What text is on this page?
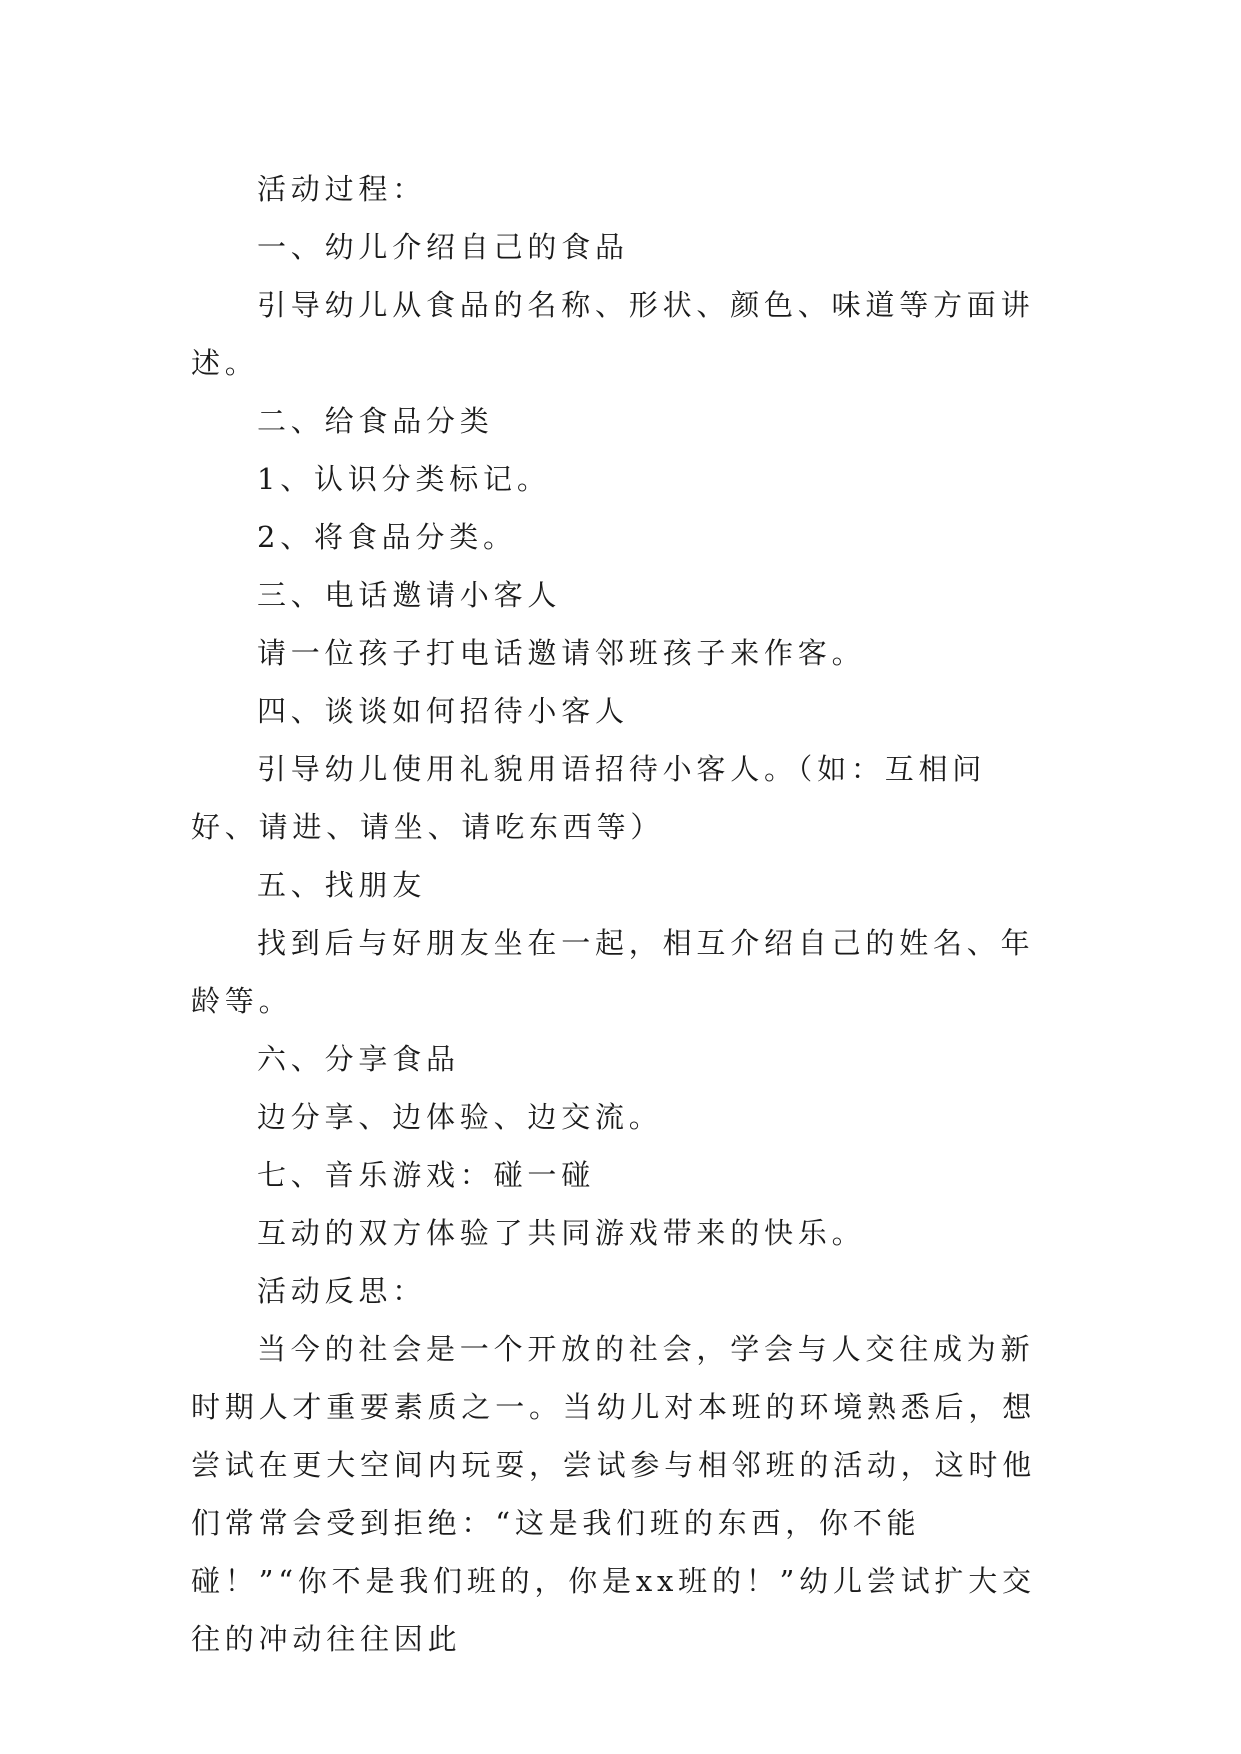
活动过程：

一、幼儿介绍自己的食品

引导幼儿从食品的名称、形状、颜色、味道等方面讲述。

二、给食品分类

1、认识分类标记。

2、将食品分类。

三、电话邀请小客人

请一位孩子打电话邀请邻班孩子来作客。

四、谈谈如何招待小客人

引导幼儿使用礼貌用语招待小客人。（如：互相问好、请进、请坐、请吃东西等）

五、找朋友

找到后与好朋友坐在一起，相互介绍自己的姓名、年龄等。

六、分享食品

边分享、边体验、边交流。

七、音乐游戏：碰一碰

互动的双方体验了共同游戏带来的快乐。

活动反思：

当今的社会是一个开放的社会，学会与人交往成为新时期人才重要素质之一。当幼儿对本班的环境熟悉后，想尝试在更大空间内玩耍，尝试参与相邻班的活动，这时他们常常会受到拒绝：“这是我们班的东西，你不能碰！”“你不是我们班的，你是xx班的！”幼儿尝试扩大交往的冲动往往因此
